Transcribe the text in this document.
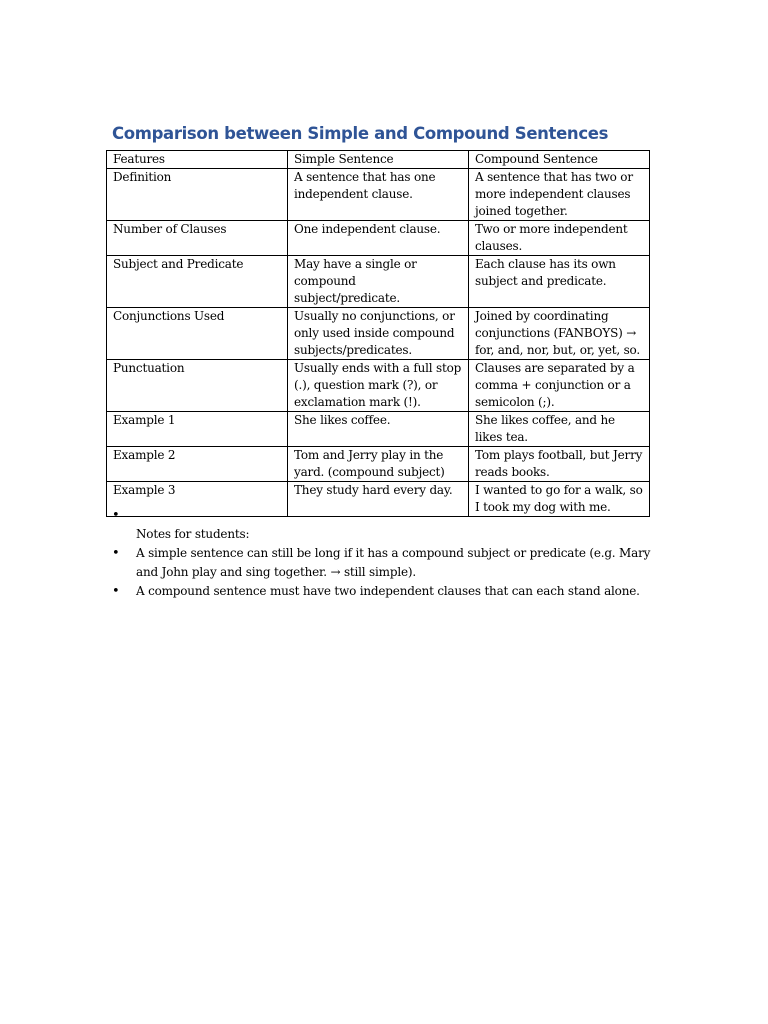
Comparison between Simple and Compound Sentences
Features	Simple Sentence	Compound Sentence
Definition	A sentence that has one independent clause.	A sentence that has two or more independent clauses joined together.
Number of Clauses	One independent clause.	Two or more independent clauses.
Subject and Predicate	May have a single or compound subject/predicate.	Each clause has its own subject and predicate.
Conjunctions Used	Usually no conjunctions, or only used inside compound subjects/predicates.	Joined by coordinating conjunctions (FANBOYS) → for, and, nor, but, or, yet, so.
Punctuation	Usually ends with a full stop (.), question mark (?), or exclamation mark (!).	Clauses are separated by a comma + conjunction or a semicolon (;).
Example 1	She likes coffee.	She likes coffee, and he likes tea.
Example 2	Tom and Jerry play in the yard. (compound subject)	Tom plays football, but Jerry reads books.
Example 3	They study hard every day.	I wanted to go for a walk, so I took my dog with me.
•

Notes for students:
• A simple sentence can still be long if it has a compound subject or predicate (e.g. Mary and John play and sing together. → still simple).
• A compound sentence must have two independent clauses that can each stand alone.
